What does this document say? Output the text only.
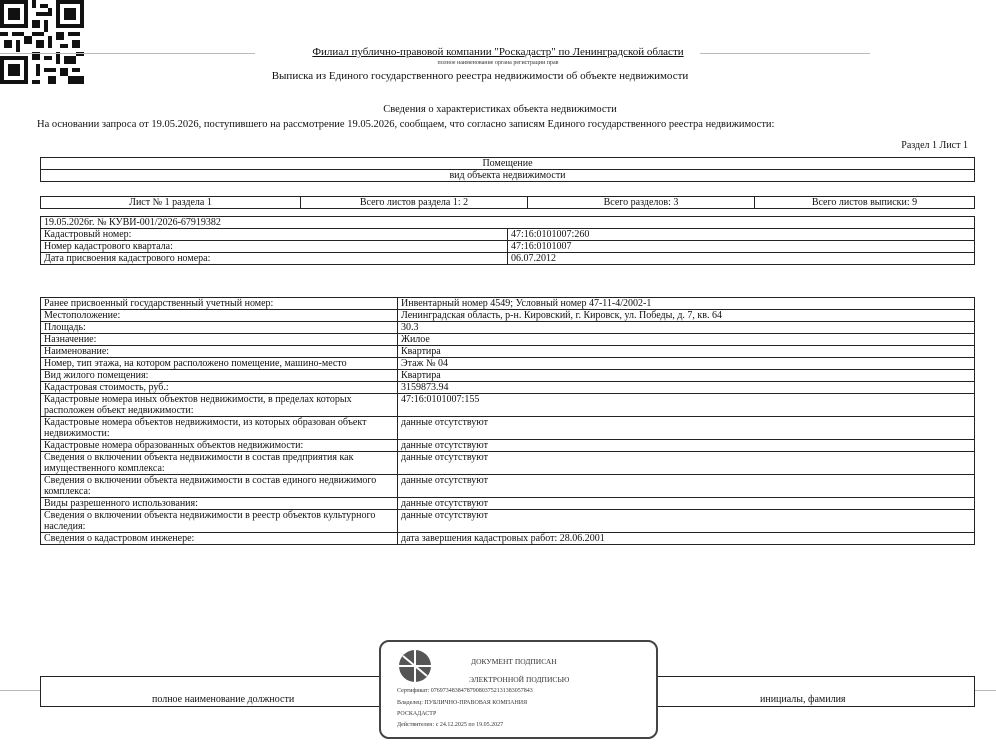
Филиал публично-правовой компании "Роскадастр" по Ленинградской области
полное наименование органа регистрации прав
Выписка из Единого государственного реестра недвижимости об объекте недвижимости
Сведения о характеристиках объекта недвижимости
На основании запроса от 19.05.2026, поступившего на рассмотрение 19.05.2026, сообщаем, что согласно записям Единого государственного реестра недвижимости:
Раздел 1 Лист 1
Помещение
вид объекта недвижимости
Лист № 1 раздела 1	Всего листов раздела 1: 2	Всего разделов: 3	Всего листов выписки: 9
19.05.2026г. № КУВИ-001/2026-67919382	
Кадастровый номер:	47:16:0101007:260
Номер кадастрового квартала:	47:16:0101007
Дата присвоения кадастрового номера:	06.07.2012
Ранее присвоенный государственный учетный номер:	Инвентарный номер 4549; Условный номер 47-11-4/2002-1
Местоположение:	Ленинградская область, р-н. Кировский, г. Кировск, ул. Победы, д. 7, кв. 64
Площадь:	30.3
Назначение:	Жилое
Наименование:	Квартира
Номер, тип этажа, на котором расположено помещение, машино-место	Этаж № 04
Вид жилого помещения:	Квартира
Кадастровая стоимость, руб.:	3159873.94
Кадастровые номера иных объектов недвижимости, в пределах которых расположен объект недвижимости:	47:16:0101007:155
Кадастровые номера объектов недвижимости, из которых образован объект недвижимости:	данные отсутствуют
Кадастровые номера образованных объектов недвижимости:	данные отсутствуют
Сведения о включении объекта недвижимости в состав предприятия как имущественного комплекса:	данные отсутствуют
Сведения о включении объекта недвижимости в состав единого недвижимого комплекса:	данные отсутствуют
Виды разрешенного использования:	данные отсутствуют
Сведения о включении объекта недвижимости в реестр объектов культурного наследия:	данные отсутствуют
Сведения о кадастровом инженере:	дата завершения кадастровых работ: 28.06.2001
полное наименование должности	инициалы, фамилия
ДОКУМЕНТ ПОДПИСАН
ЭЛЕКТРОННОЙ ПОДПИСЬЮ
Сертификат: 0769734838478790803752131383057843
Владелец: ПУБЛИЧНО-ПРАВОВАЯ КОМПАНИЯ
РОСКАДАСТР
Действителен: с 24.12.2025 по 19.05.2027
